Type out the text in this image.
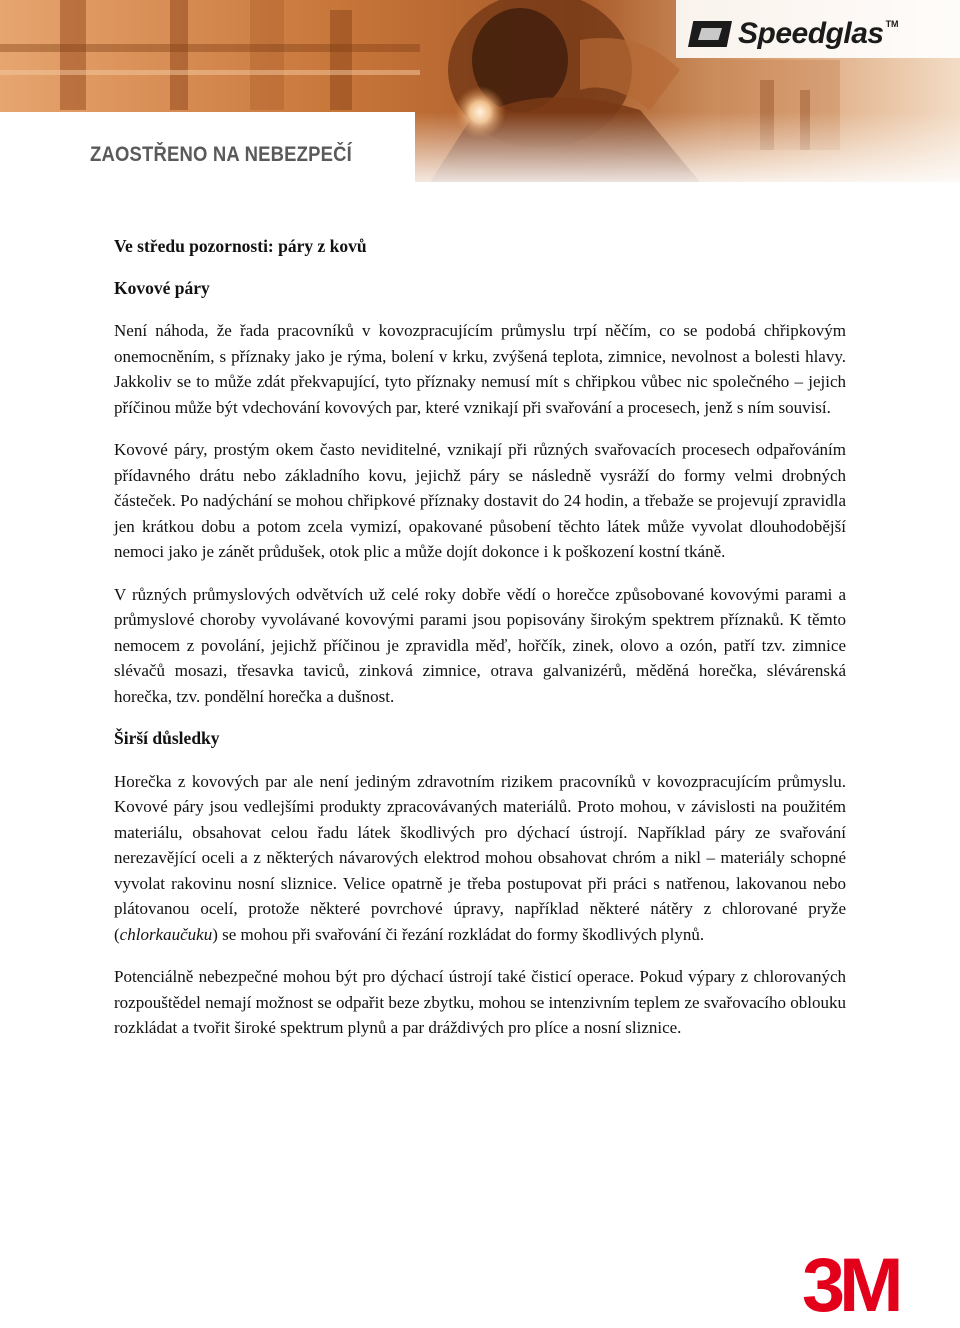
ZAOSTŘENO NA NEBEZPEČÍ
Speedglas TM
Ve středu pozornosti: páry z kovů
Kovové páry

Není náhoda, že řada pracovníků v kovozpracujícím průmyslu trpí něčím, co se podobá chřipkovým onemocněním, s příznaky jako je rýma, bolení v krku, zvýšená teplota, zimnice, nevolnost a bolesti hlavy. Jakkoliv se to může zdát překvapující, tyto příznaky nemusí mít s chřipkou vůbec nic společného – jejich příčinou může být vdechování kovových par, které vznikají při svařování a procesech, jenž s ním souvisí.

Kovové páry, prostým okem často neviditelné, vznikají při různých svařovacích procesech odpařováním přídavného drátu nebo základního kovu, jejichž páry se následně vysráží do formy velmi drobných částeček. Po nadýchání se mohou chřipkové příznaky dostavit do 24 hodin, a třebaže se projevují zpravidla jen krátkou dobu a potom zcela vymizí, opakované působení těchto látek může vyvolat dlouhodobější nemoci jako je zánět průdušek, otok plic a může dojít dokonce i k poškození kostní tkáně.

V různých průmyslových odvětvích už celé roky dobře vědí o horečce způsobované kovovými parami a průmyslové choroby vyvolávané kovovými parami jsou popisovány širokým spektrem příznaků. K těmto nemocem z povolání, jejichž příčinou je zpravidla měď, hořčík, zinek, olovo a ozón, patří tzv. zimnice slévačů mosazi, třesavka taviců, zinková zimnice, otrava galvanizérů, měděná horečka, slévárenská horečka, tzv. pondělní horečka a dušnost.

Širší důsledky

Horečka z kovových par ale není jediným zdravotním rizikem pracovníků v kovozpracujícím průmyslu. Kovové páry jsou vedlejšími produkty zpracovávaných materiálů. Proto mohou, v závislosti na použitém materiálu, obsahovat celou řadu látek škodlivých pro dýchací ústrojí. Například páry ze svařování nerezavějící oceli a z některých návarových elektrod mohou obsahovat chróm a nikl – materiály schopné vyvolat rakovinu nosní sliznice. Velice opatrně je třeba postupovat při práci s natřenou, lakovanou nebo plátovanou ocelí, protože některé povrchové úpravy, například některé nátěry z chlorované pryže (chlorkaučuku) se mohou při svařování či řezání rozkládat do formy škodlivých plynů.

Potenciálně nebezpečné mohou být pro dýchací ústrojí také čisticí operace. Pokud výpary z chlorovaných rozpouštědel nemají možnost se odpařit beze zbytku, mohou se intenzivním teplem ze svařovacího oblouku rozkládat a tvořit široké spektrum plynů a par dráždivých pro plíce a nosní sliznice.

3M
